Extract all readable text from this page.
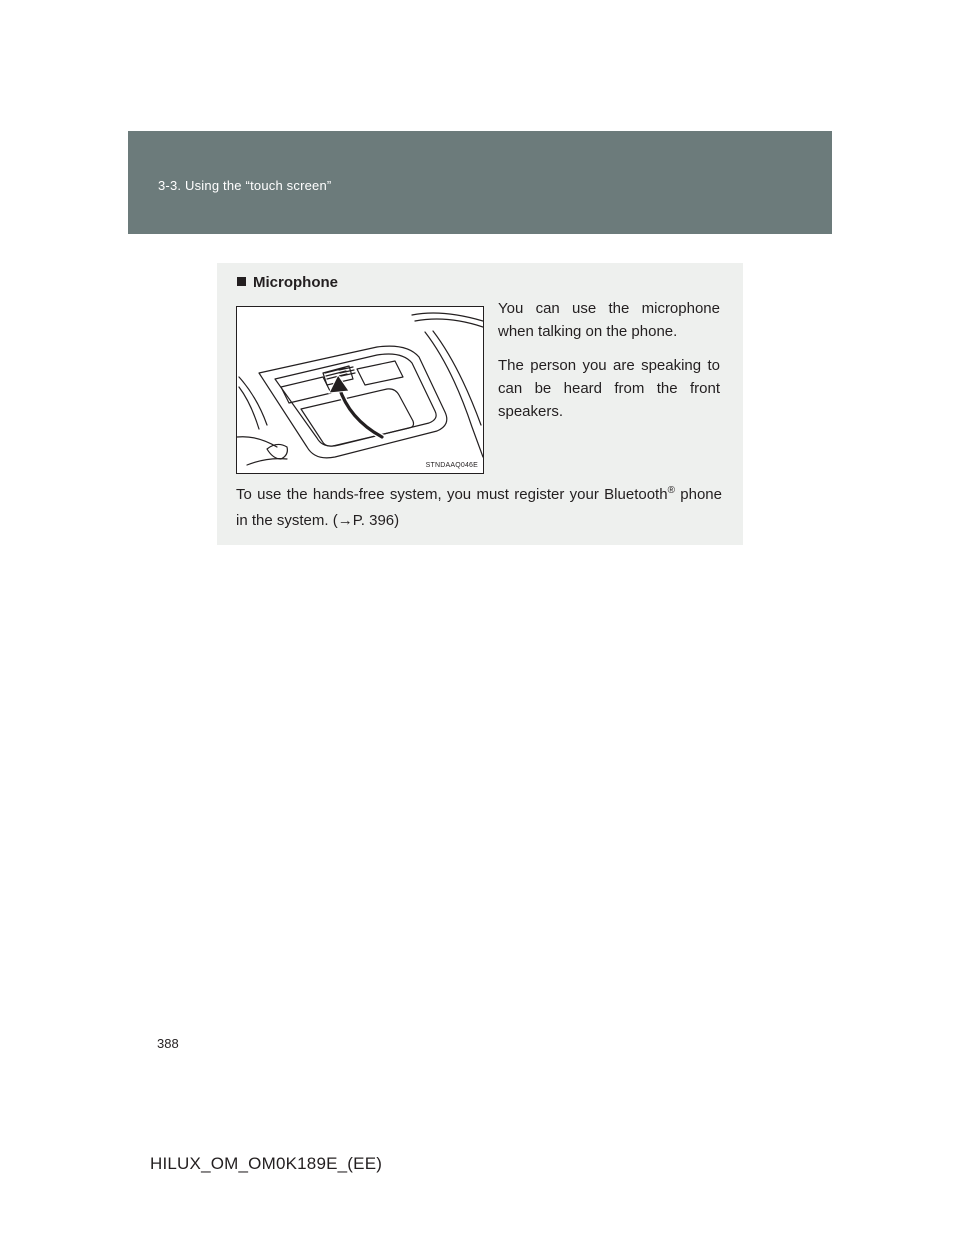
3-3. Using the “touch screen”
Microphone
STNDAAQ046E

You can use the microphone when talking on the phone.

The person you are speaking to can be heard from the front speakers.

To use the hands-free system, you must register your Bluetooth® phone in the system. (→P. 396)
388
HILUX_OM_OM0K189E_(EE)
